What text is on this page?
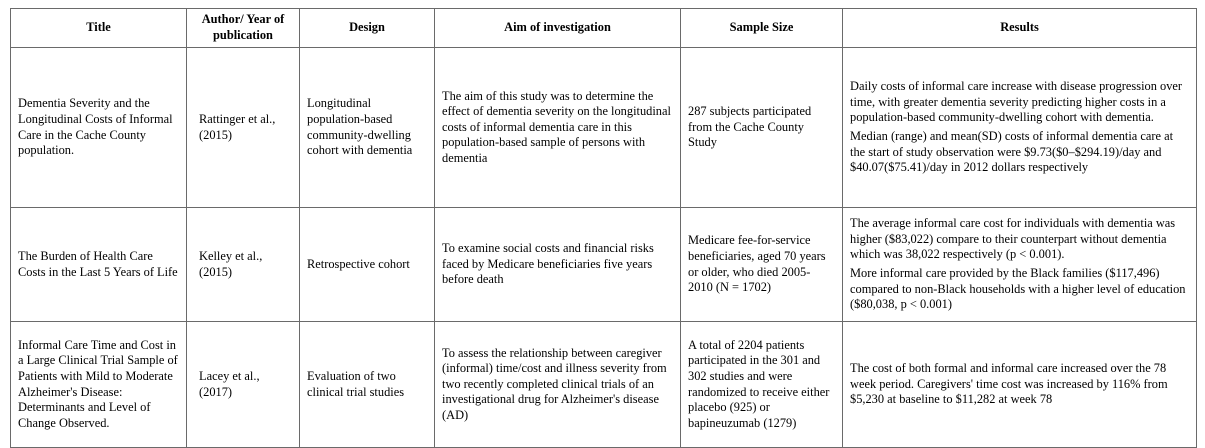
Title	Author/ Year of publication	Design	Aim of investigation	Sample Size	Results
Dementia Severity and the Longitudinal Costs of Informal Care in the Cache County population.	Rattinger et al., (2015)	Longitudinal population-based community-dwelling cohort with dementia	The aim of this study was to determine the effect of dementia severity on the longitudinal costs of informal dementia care in this population-based sample of persons with dementia	287 subjects participated from the Cache County Study	Daily costs of informal care increase with disease progression over time, with greater dementia severity predicting higher costs in a population-based community-dwelling cohort with dementia.

Median (range) and mean(SD) costs of informal dementia care at the start of study observation were $9.73($0–$294.19)/day and $40.07($75.41)/day in 2012 dollars respectively

The Burden of Health Care Costs in the Last 5 Years of Life	Kelley et al., (2015)	Retrospective cohort	To examine social costs and financial risks faced by Medicare beneficiaries five years before death	Medicare fee-for-service beneficiaries, aged 70 years or older, who died 2005-2010 (N = 1702)	The average informal care cost for individuals with dementia was higher ($83,022) compare to their counterpart without dementia which was 38,022 respectively (p < 0.001).

More informal care provided by the Black families ($117,496) compared to non-Black households with a higher level of education ($80,038, p < 0.001)

Informal Care Time and Cost in a Large Clinical Trial Sample of Patients with Mild to Moderate Alzheimer's Disease: Determinants and Level of Change Observed.	Lacey et al., (2017)	Evaluation of two clinical trial studies	To assess the relationship between caregiver (informal) time/cost and illness severity from two recently completed clinical trials of an investigational drug for Alzheimer's disease (AD)	A total of 2204 patients participated in the 301 and 302 studies and were randomized to receive either placebo (925) or bapineuzumab (1279)	The cost of both formal and informal care increased over the 78 week period. Caregivers' time cost was increased by 116% from $5,230 at baseline to $11,282 at week 78
